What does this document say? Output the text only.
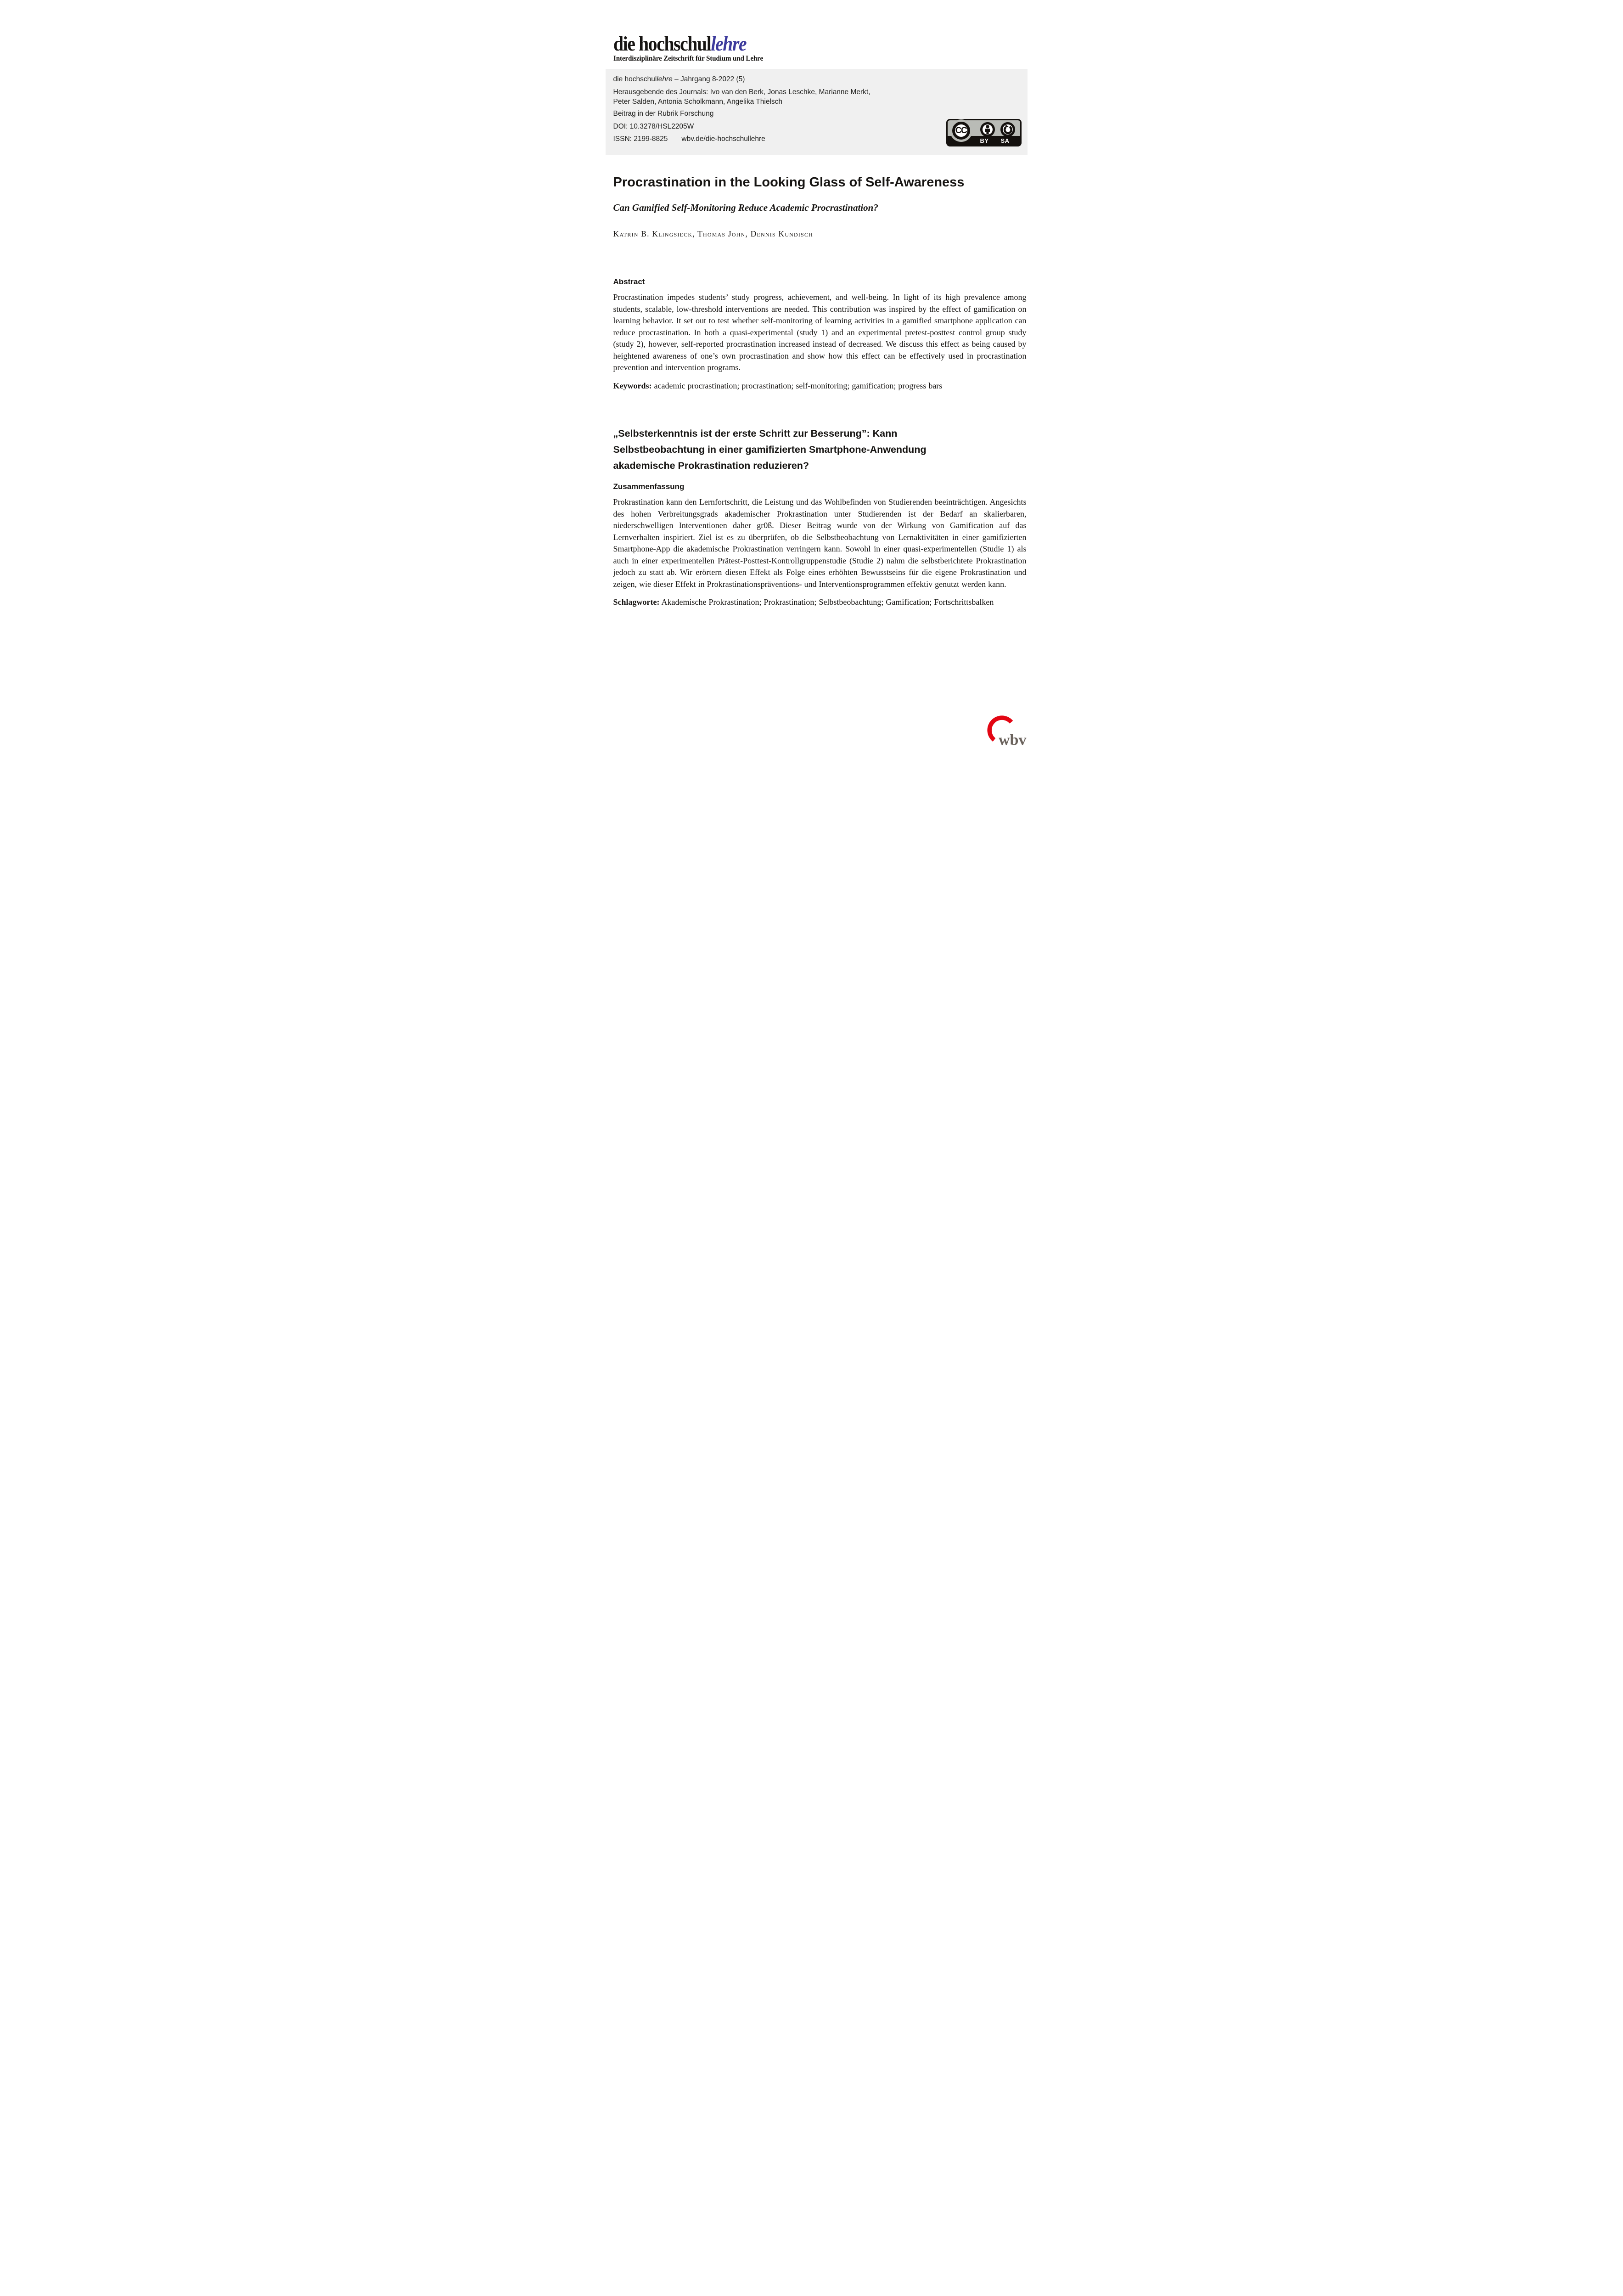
die hochschullehre
Interdisziplinäre Zeitschrift für Studium und Lehre
die hochschullehre – Jahrgang 8-2022 (5)
Herausgebende des Journals: Ivo van den Berk, Jonas Leschke, Marianne Merkt,
Peter Salden, Antonia Scholkmann, Angelika Thielsch
Beitrag in der Rubrik Forschung
DOI: 10.3278/HSL2205W
ISSN: 2199-8825 wbv.de/die-hochschullehre	BY SA
CC
Procrastination in the Looking Glass of Self-Awareness
Can Gamified Self-Monitoring Reduce Academic Procrastination?
Katrin B. Klingsieck, Thomas John, Dennis Kundisch
Abstract

Procrastination impedes students’ study progress, achievement, and well-being. In light of its high prevalence among students, scalable, low-threshold interventions are needed. This contribution was inspired by the effect of gamification on learning behavior. It set out to test whether self-monitoring of learning activities in a gamified smartphone application can reduce procrastination. In both a quasi-experimental (study 1) and an experimental pretest-posttest control group study (study 2), however, self-reported procrastination increased instead of decreased. We discuss this effect as being caused by heightened awareness of one’s own procrastination and show how this effect can be effectively used in procrastination prevention and intervention programs.

Keywords: academic procrastination; procrastination; self-monitoring; gamification; progress bars

„Selbsterkenntnis ist der erste Schritt zur Besserung”: Kann
Selbstbeobachtung in einer gamifizierten Smartphone-Anwendung
akademische Prokrastination reduzieren?
Zusammenfassung

Prokrastination kann den Lernfortschritt, die Leistung und das Wohlbefinden von Studierenden beeinträchtigen. Angesichts des hohen Verbreitungsgrads akademischer Prokrastination unter Studierenden ist der Bedarf an skalierbaren, niederschwelligen Interventionen daher gr0ß. Dieser Beitrag wurde von der Wirkung von Gamification auf das Lernverhalten inspiriert. Ziel ist es zu überprüfen, ob die Selbstbeobachtung von Lernaktivitäten in einer gamifizierten Smartphone-App die akademische Prokrastination verringern kann. Sowohl in einer quasi-experimentellen (Studie 1) als auch in einer experimentellen Prätest-Posttest-Kontrollgruppenstudie (Studie 2) nahm die selbstberichtete Prokrastination jedoch zu statt ab. Wir erörtern diesen Effekt als Folge eines erhöhten Bewusstseins für die eigene Prokrastination und zeigen, wie dieser Effekt in Prokrastinationspräventions- und Interventionsprogrammen effektiv genutzt werden kann.

Schlagworte: Akademische Prokrastination; Prokrastination; Selbstbeobachtung; Gamification; Fortschrittsbalken

wbv
